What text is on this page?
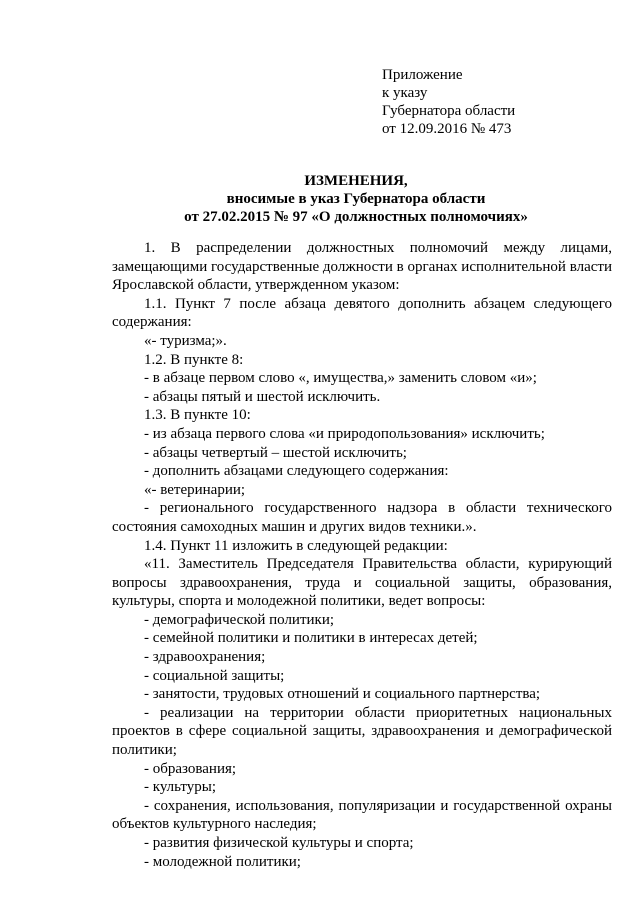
Приложение
к указу
Губернатора области
от 12.09.2016 № 473
ИЗМЕНЕНИЯ,
вносимые в указ Губернатора области
от 27.02.2015 № 97 «О должностных полномочиях»

1. В распределении должностных полномочий между лицами, замещающими государственные должности в органах исполнительной власти Ярославской области, утвержденном указом:

1.1. Пункт 7 после абзаца девятого дополнить абзацем следующего содержания:

«- туризма;».

1.2. В пункте 8:

- в абзаце первом слово «, имущества,» заменить словом «и»;

- абзацы пятый и шестой исключить.

1.3. В пункте 10:

- из абзаца первого слова «и природопользования» исключить;

- абзацы четвертый – шестой исключить;

- дополнить абзацами следующего содержания:

«- ветеринарии;

- регионального государственного надзора в области технического состояния самоходных машин и других видов техники.».

1.4. Пункт 11 изложить в следующей редакции:

«11. Заместитель Председателя Правительства области, курирующий вопросы здравоохранения, труда и социальной защиты, образования, культуры, спорта и молодежной политики, ведет вопросы:

- демографической политики;

- семейной политики и политики в интересах детей;

- здравоохранения;

- социальной защиты;

- занятости, трудовых отношений и социального партнерства;

- реализации на территории области приоритетных национальных проектов в сфере социальной защиты, здравоохранения и демографической политики;

- образования;

- культуры;

- сохранения, использования, популяризации и государственной охраны объектов культурного наследия;

- развития физической культуры и спорта;

- молодежной политики;
